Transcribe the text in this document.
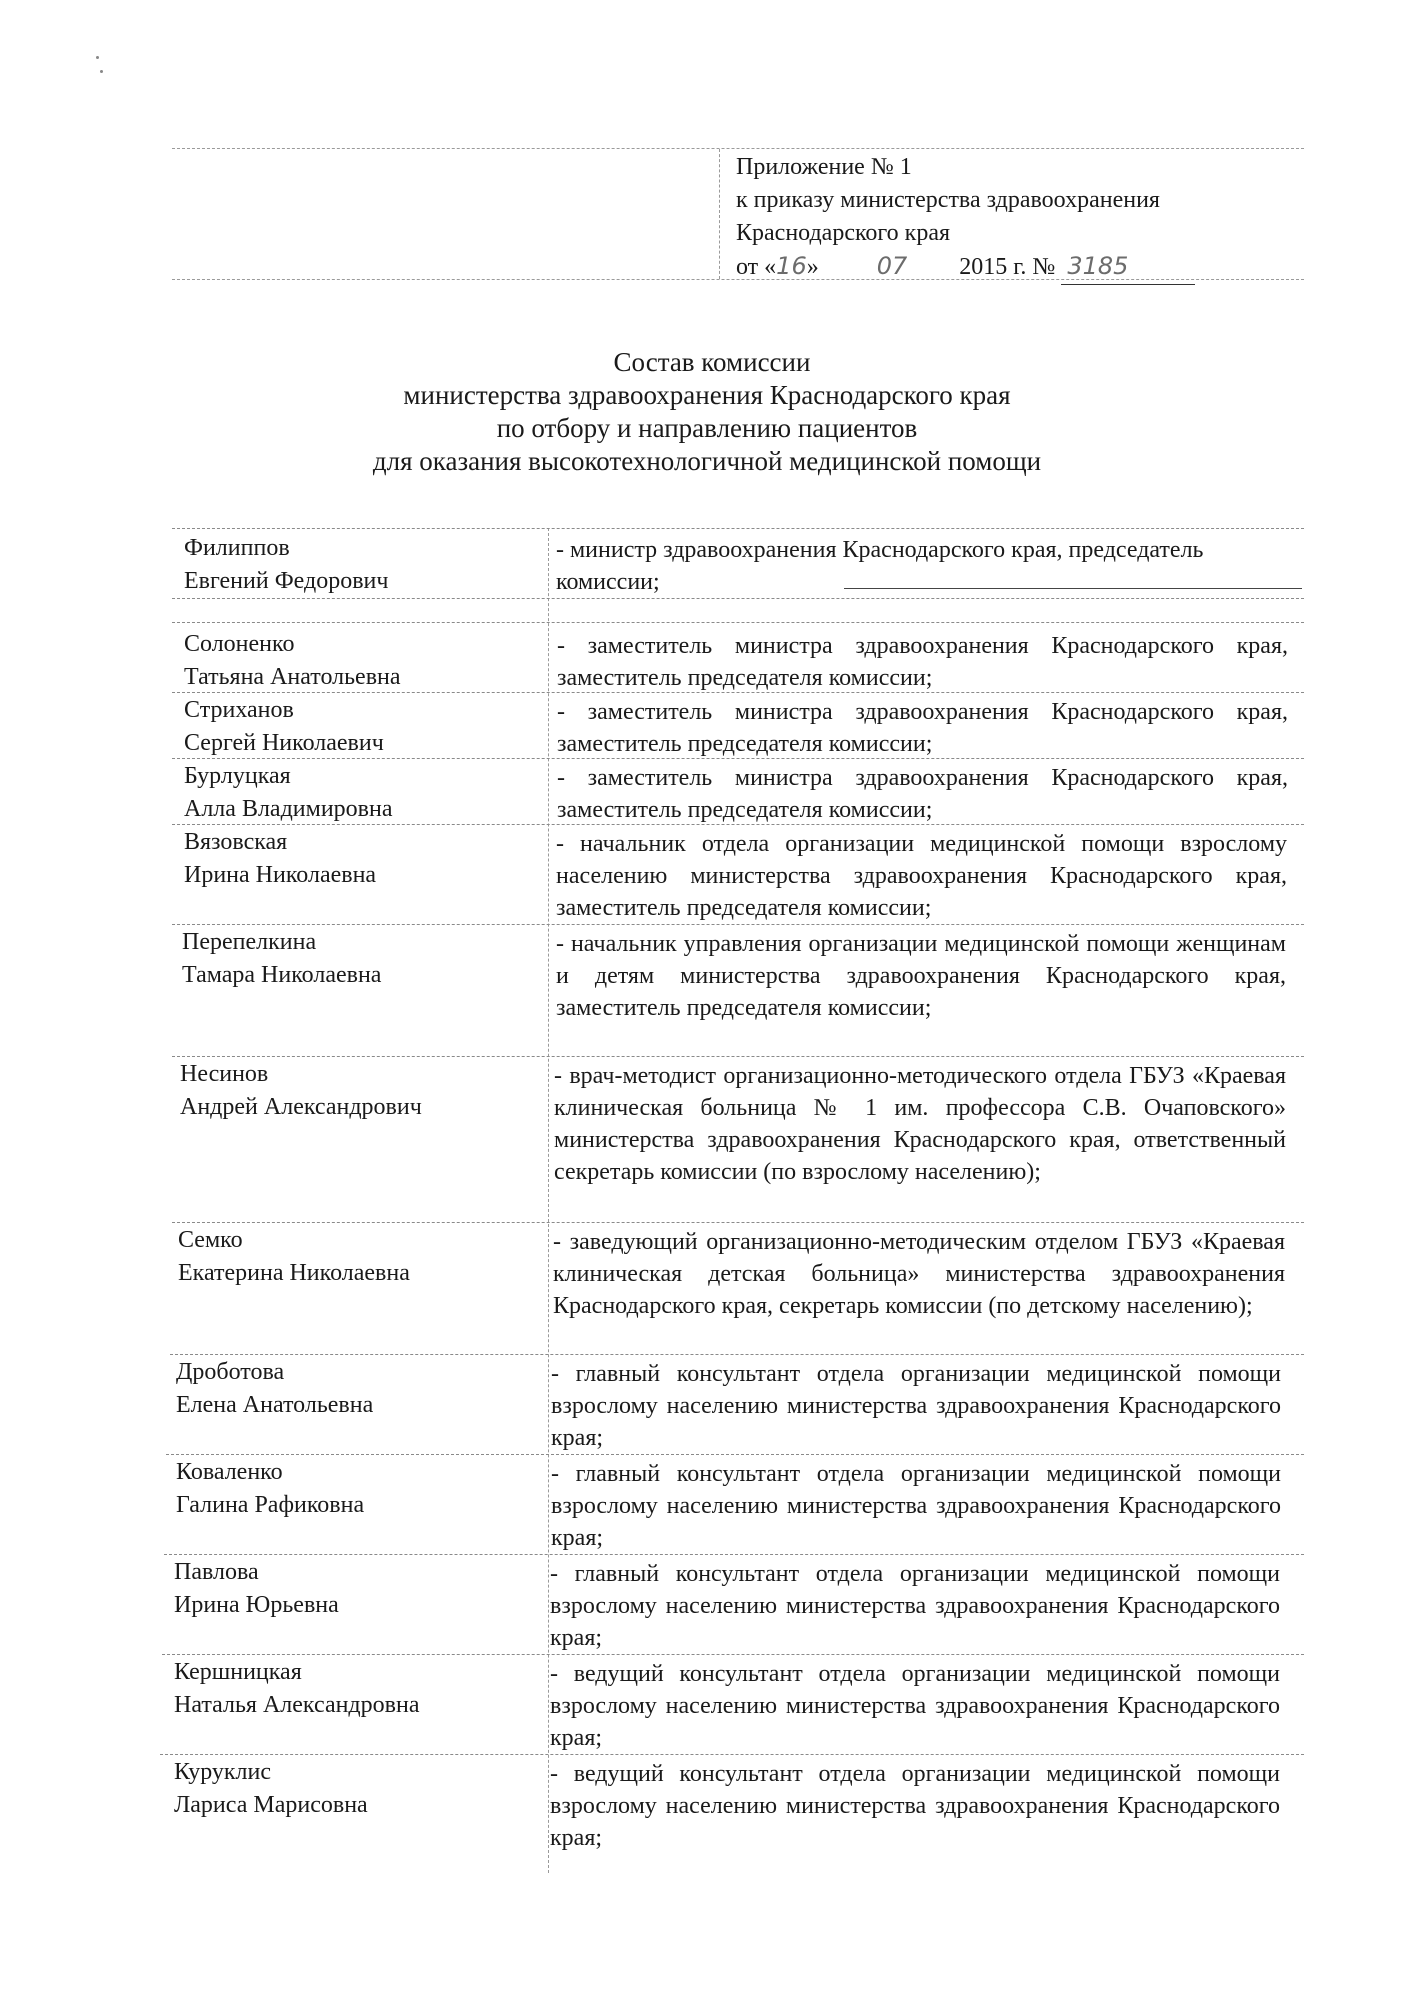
Приложение № 1
к приказу министерства здравоохранения
Краснодарского края
от «16» 07 2015 г. № 3185
Состав комиссии
министерства здравоохранения Краснодарского края
по отбору и направлению пациентов
для оказания высокотехнологичной медицинской помощи
Филиппов
Евгений Федорович
- министр здравоохранения Краснодарского края, председатель комиссии;
Солоненко
Татьяна Анатольевна
- заместитель министра здравоохранения Краснодарского края, заместитель председателя комиссии;
Стриханов
Сергей Николаевич
- заместитель министра здравоохранения Краснодарского края, заместитель председателя комиссии;
Бурлуцкая
Алла Владимировна
- заместитель министра здравоохранения Краснодарского края, заместитель председателя комиссии;
Вязовская
Ирина Николаевна
- начальник отдела организации медицинской помощи взрослому населению министерства здравоохранения Краснодарского края, заместитель председателя комиссии;
Перепелкина
Тамара Николаевна
- начальник управления организации медицинской помощи женщинам и детям министерства здравоохранения Краснодарского края, заместитель председателя комиссии;
Несинов
Андрей Александрович
- врач-методист организационно-методического отдела ГБУЗ «Краевая клиническая больница № 1 им. профессора С.В. Очаповского» министерства здравоохранения Краснодарского края, ответственный секретарь комиссии (по взрослому населению);
Семко
Екатерина Николаевна
- заведующий организационно-методическим отделом ГБУЗ «Краевая клиническая детская больница» министерства здравоохранения Краснодарского края, секретарь комиссии (по детскому населению);
Дроботова
Елена Анатольевна
- главный консультант отдела организации медицинской помощи взрослому населению министерства здравоохранения Краснодарского края;
Коваленко
Галина Рафиковна
- главный консультант отдела организации медицинской помощи взрослому населению министерства здравоохранения Краснодарского края;
Павлова
Ирина Юрьевна
- главный консультант отдела организации медицинской помощи взрослому населению министерства здравоохранения Краснодарского края;
Кершницкая
Наталья Александровна
- ведущий консультант отдела организации медицинской помощи взрослому населению министерства здравоохранения Краснодарского края;
Куруклис
Лариса Марисовна
- ведущий консультант отдела организации медицинской помощи взрослому населению министерства здравоохранения Краснодарского края;
